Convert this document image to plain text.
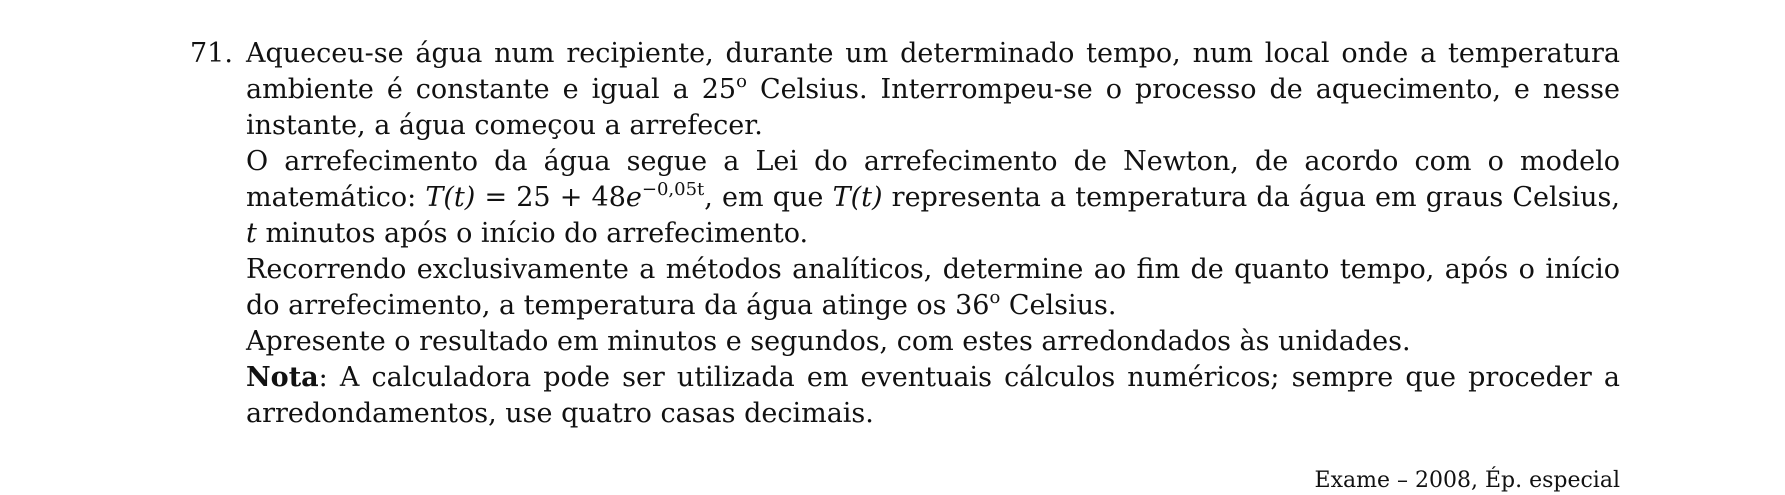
71. Aqueceu-se água num recipiente, durante um determinado tempo, num local onde a temperatura ambiente é constante e igual a 25$^o$ Celsius. Interrompeu-se o processo de aquecimento, e nesse instante, a água começou a arrefecer.

O arrefecimento da água segue a Lei do arrefecimento de Newton, de acordo com o modelo matemático: $T(t) = 25 + 48e^{-0,05t}$, em que T(t) representa a temperatura da água em graus Celsius, t minutos após o início do arrefecimento.

Recorrendo exclusivamente a métodos analíticos, determine ao fim de quanto tempo, após o início do arrefecimento, a temperatura da água atinge os 36$^o$ Celsius.

Apresente o resultado em minutos e segundos, com estes arredondados às unidades.

Nota: A calculadora pode ser utilizada em eventuais cálculos numéricos; sempre que proceder a arredondamentos, use quatro casas decimais.

Exame – 2008, Ép. especial
